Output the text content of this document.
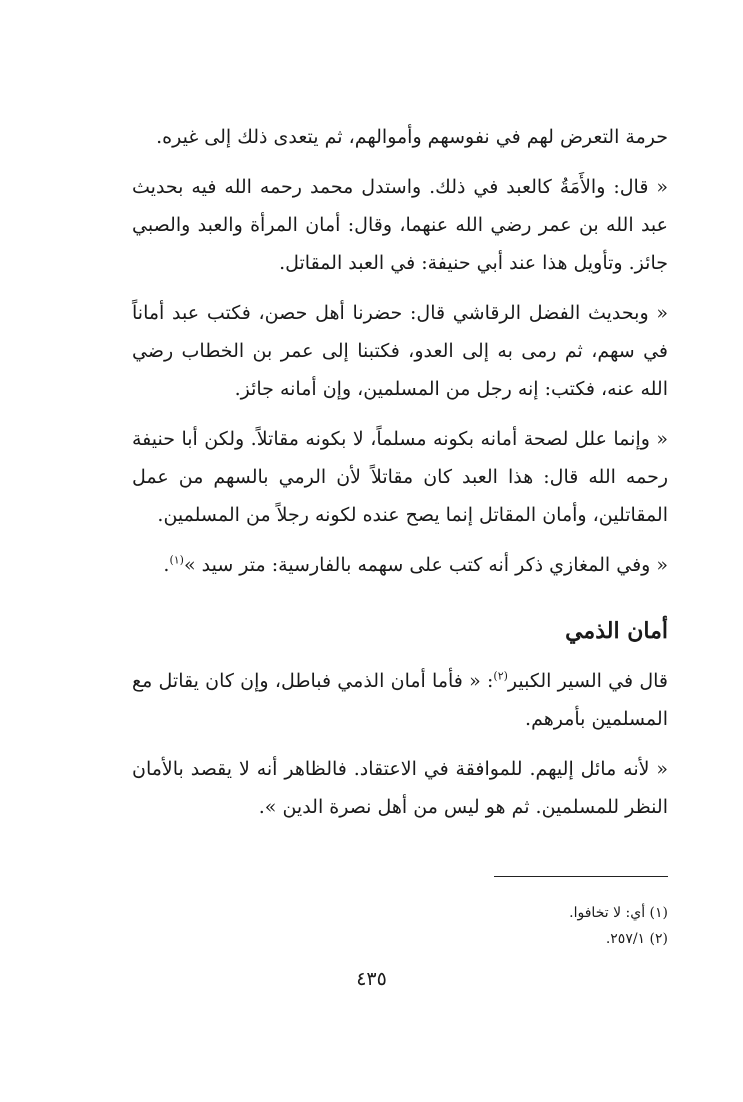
حرمة التعرض لهم في نفوسهم وأموالهم، ثم يتعدى ذلك إلى غيره.

« قال: والأَمَةُ كالعبد في ذلك. واستدل محمد رحمه الله فيه بحديث عبد الله بن عمر رضي الله عنهما، وقال: أمان المرأة والعبد والصبي جائز. وتأويل هذا عند أبي حنيفة: في العبد المقاتل.

« وبحديث الفضل الرقاشي قال: حضرنا أهل حصن، فكتب عبد أماناً في سهم، ثم رمى به إلى العدو، فكتبنا إلى عمر بن الخطاب رضي الله عنه، فكتب: إنه رجل من المسلمين، وإن أمانه جائز.

« وإنما علل لصحة أمانه بكونه مسلماً، لا بكونه مقاتلاً. ولكن أبا حنيفة رحمه الله قال: هذا العبد كان مقاتلاً لأن الرمي بالسهم من عمل المقاتلين، وأمان المقاتل إنما يصح عنده لكونه رجلاً من المسلمين.

« وفي المغازي ذكر أنه كتب على سهمه بالفارسية: متر سيد »$^{(١)}$.

أمان الذمي

قال في السير الكبير$^{(٢)}$: « فأما أمان الذمي فباطل، وإن كان يقاتل مع المسلمين بأمرهم.

« لأنه مائل إليهم. للموافقة في الاعتقاد. فالظاهر أنه لا يقصد بالأمان النظر للمسلمين. ثم هو ليس من أهل نصرة الدين ».

(١) أي: لا تخافوا.

(٢) ٢٥٧/١.

٤٣٥
